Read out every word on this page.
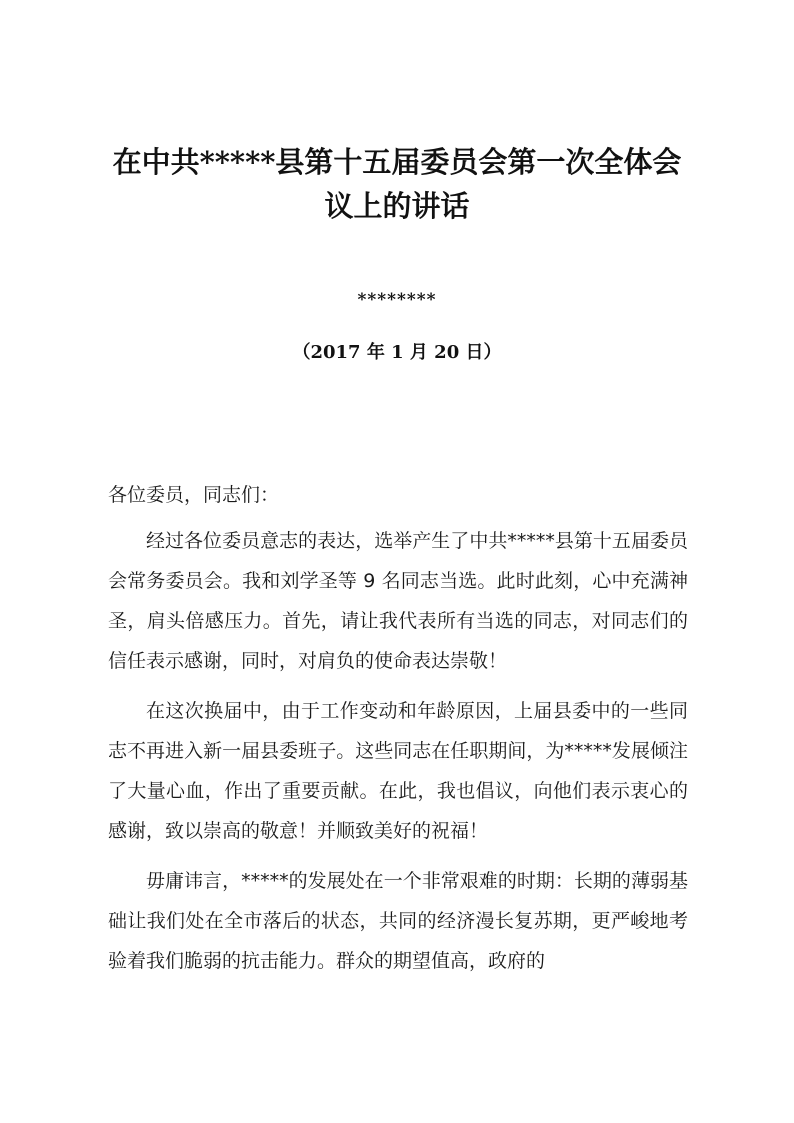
在中共*****县第十五届委员会第一次全体会
议上的讲话
********
（2017 年 1 月 20 日）

各位委员，同志们：

经过各位委员意志的表达，选举产生了中共*****县第十五届委员会常务委员会。我和刘学圣等 9 名同志当选。此时此刻，心中充满神圣，肩头倍感压力。首先，请让我代表所有当选的同志，对同志们的信任表示感谢，同时，对肩负的使命表达崇敬！

在这次换届中，由于工作变动和年龄原因，上届县委中的一些同志不再进入新一届县委班子。这些同志在任职期间，为*****发展倾注了大量心血，作出了重要贡献。在此，我也倡议，向他们表示衷心的感谢，致以崇高的敬意！并顺致美好的祝福！

毋庸讳言，*****的发展处在一个非常艰难的时期：长期的薄弱基础让我们处在全市落后的状态，共同的经济漫长复苏期，更严峻地考验着我们脆弱的抗击能力。群众的期望值高，政府的
